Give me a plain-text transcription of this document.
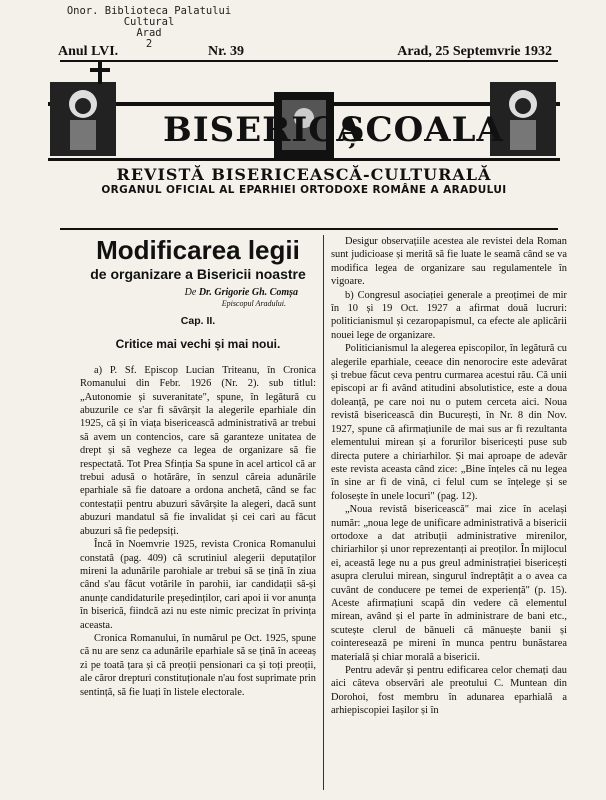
Onor. Biblioteca Palatului Cultural
Arad
2
Anul LVI.	Nr. 39	Arad, 25 Septemvrie 1932
BISERICA
ȘCOALA
REVISTĂ BISERICEASCĂ-CULTURALĂ
ORGANUL OFICIAL AL EPARHIEI ORTODOXE ROMÂNE A ARADULUI
Modificarea legii
de organizare a Bisericii noastre
De Dr. Grigorie Gh. Comșa
Episcopul Aradului.
Cap. II.
Critice mai vechi și mai noui.

a) P. Sf. Episcop Lucian Triteanu, în Cronica Romanului din Febr. 1926 (Nr. 2). sub titlul: „Autonomie și suveranitate", spune, în legătură cu abuzurile ce s'ar fi săvârșit la alegerile eparhiale din 1925, că și în viața bisericească administrativă ar trebui să avem un contencios, care să garanteze unitatea de drept și să vegheze ca legea de organizare să fie respectată. Tot Prea Sfinția Sa spune în acel articol că ar trebui adusă o hotărâre, în senzul căreia adunările eparhiale să fie datoare a ordona anchetă, când se fac contestații pentru abuzuri săvârșite la alegeri, dacă sunt abuzuri mandatul să fie invalidat și cei cari au făcut abuzuri să fie pedepsiți.

Încă în Noemvrie 1925, revista Cronica Romanului constată (pag. 409) că scrutiniul alegerii deputaților mireni la adunările parohiale ar trebui să se țină în ziua când s'au făcut votările în parohii, iar candidații să-și anunțe candidaturile președinților, cari apoi ii vor anunța în biserică, fiindcă azi nu este nimic precizat în privința aceasta.

Cronica Romanului, în numărul pe Oct. 1925, spune că nu are senz ca adunările eparhiale să se țină în aceeaș zi pe toată țara și că preoții pensionari ca și toți preoții, ale căror drepturi constituționale n'au fost suprimate prin sentință, să fie luați în listele electorale.

Desigur observațiile acestea ale revistei dela Roman sunt judicioase și merită să fie luate le seamă când se va modifica legea de organizare sau regulamentele în vigoare.

b) Congresul asociației generale a preoțimei de mir în 10 și 19 Oct. 1927 a afirmat două lucruri: politicianismul și cezaropapismul, ca efecte ale aplicării nouei lege de organizare.

Politicianismul la alegerea episcopilor, în legătură cu alegerile eparhiale, ceeace din nenorocire este adevărat și trebue făcut ceva pentru curmarea acestui rău. Că unii episcopi ar fi având atitudini absolutistice, este a doua doleanță, pe care noi nu o putem cerceta aici. Noua revistă bisericească din București, în Nr. 8 din Nov. 1927, spune că afirmațiunile de mai sus ar fi rezultanta elementului mirean și a forurilor bisericești puse sub directa putere a chiriarhilor. Și mai aproape de adevăr este revista aceasta când zice: „Bine înțeles că nu legea în sine ar fi de vină, ci felul cum se înțelege și se folosește în unele locuri" (pag. 12).

„Noua revistă bisericească" mai zice în același număr: „noua lege de unificare administrativă a bisericii ortodoxe a dat atribuții administrative mirenilor, chiriarhilor și unor reprezentanți ai preoților. În mijlocul ei, această lege nu a pus greul administrației bisericești asupra clerului mirean, singurul îndreptățit a o avea ca cuvânt de conducere pe temei de experiență" (p. 15). Aceste afirmațiuni scapă din vedere că elementul mirean, având și el parte în administrare de bani etc., scutește clerul de bănueli că mânuește banii și cointeresează pe mireni în munca pentru bunăstarea materială și chiar morală a bisericii.

Pentru adevăr și pentru edificarea celor chemați dau aici câteva observări ale preotului C. Muntean din Dorohoi, fost membru în adunarea eparhială a arhiepiscopiei Iașilor și în
